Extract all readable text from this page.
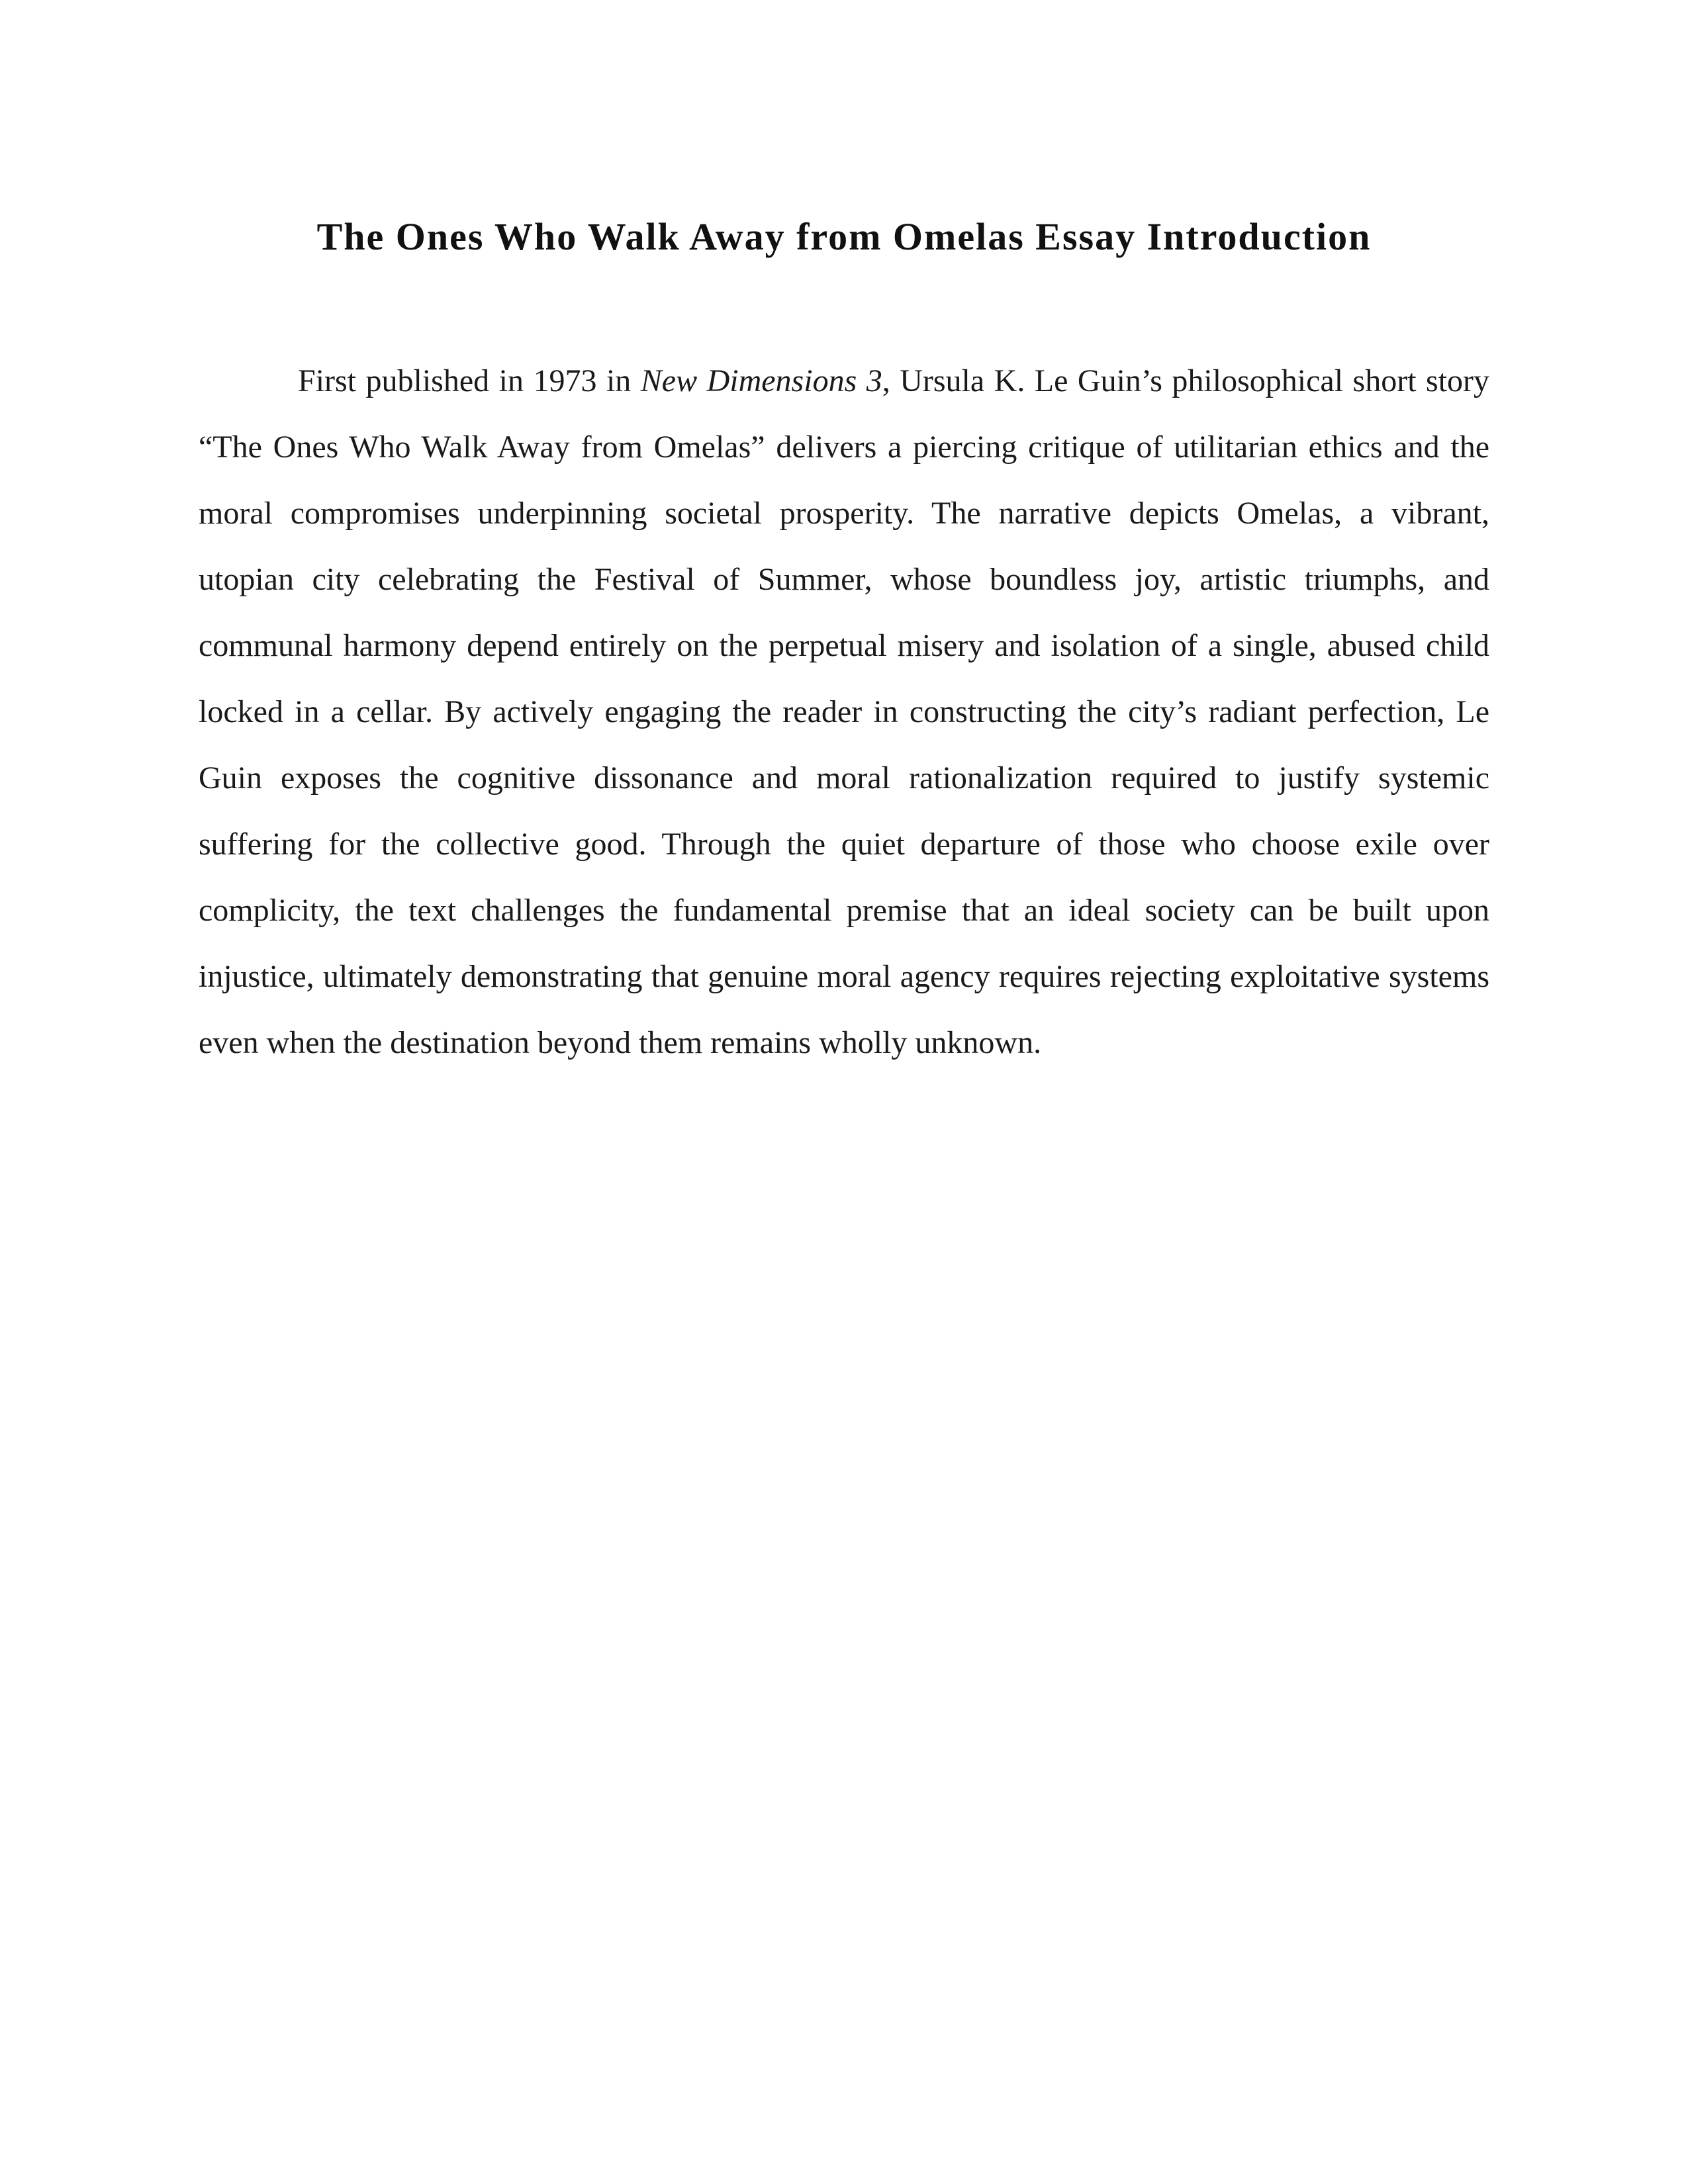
The Ones Who Walk Away from Omelas Essay Introduction

First published in 1973 in New Dimensions 3, Ursula K. Le Guin’s philosophical short story “The Ones Who Walk Away from Omelas” delivers a piercing critique of utilitarian ethics and the moral compromises underpinning societal prosperity. The narrative depicts Omelas, a vibrant, utopian city celebrating the Festival of Summer, whose boundless joy, artistic triumphs, and communal harmony depend entirely on the perpetual misery and isolation of a single, abused child locked in a cellar. By actively engaging the reader in constructing the city’s radiant perfection, Le Guin exposes the cognitive dissonance and moral rationalization required to justify systemic suffering for the collective good. Through the quiet departure of those who choose exile over complicity, the text challenges the fundamental premise that an ideal society can be built upon injustice, ultimately demonstrating that genuine moral agency requires rejecting exploitative systems even when the destination beyond them remains wholly unknown.
